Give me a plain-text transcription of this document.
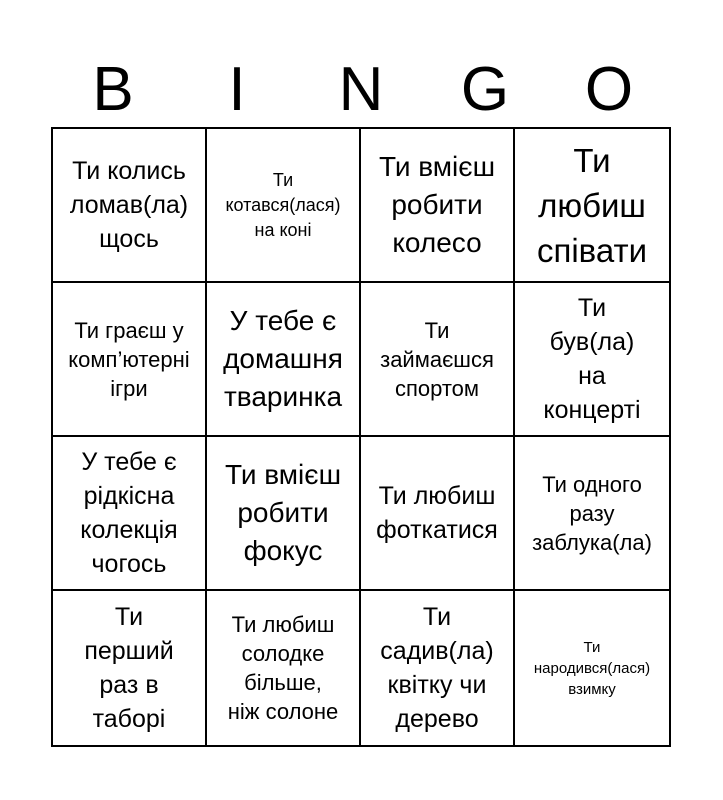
B	I	N	G	O
Ти колись
ломав(ла)
щось
Ти
котався(лася)
на коні
Ти вмієш
робити
колесо
Ти
любиш
співати
Ти граєш у
комп’ютерні
ігри
У тебе є
домашня
тваринка
Ти
займаєшся
спортом
Ти
був(ла)
на
концерті
У тебе є
рідкісна
колекція
чогось
Ти вмієш
робити
фокус
Ти любиш
фоткатися
Ти одного
разу
заблука(ла)
Ти
перший
раз в
таборі
Ти любиш
солодке
більше,
ніж солоне
Ти
садив(ла)
квітку чи
дерево
Ти
народився(лася)
взимку
